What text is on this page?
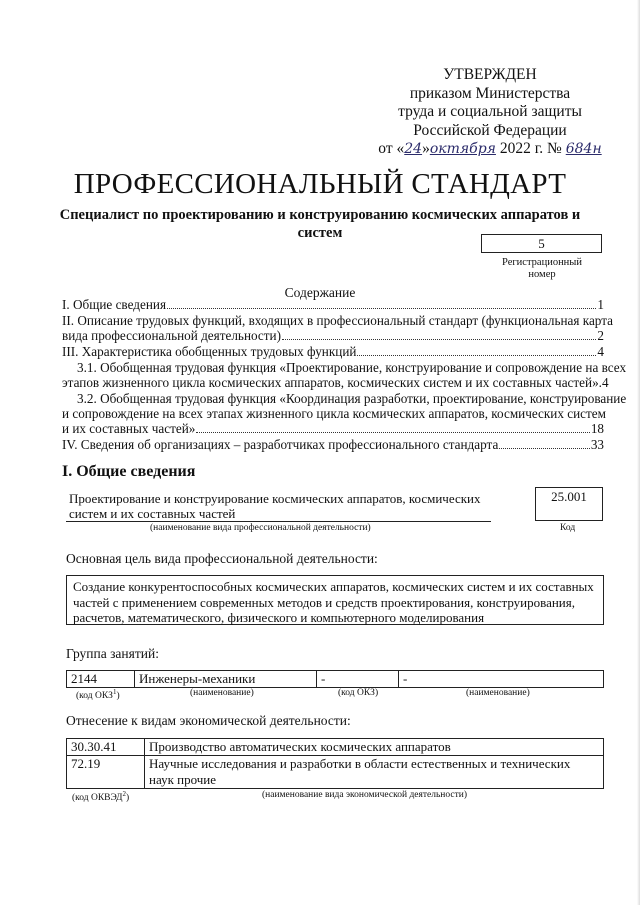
УТВЕРЖДЕН
приказом Министерства
труда и социальной защиты
Российской Федерации
от «24»октября 2022 г. № 684н
ПРОФЕССИОНАЛЬНЫЙ СТАНДАРТ
Специалист по проектированию и конструированию космических аппаратов и систем
5
Регистрационный номер
Содержание
I. Общие сведения	1
II. Описание трудовых функций, входящих в профессиональный стандарт (функциональная карта
вида профессиональной деятельности)	2
III. Характеристика обобщенных трудовых функций	4
3.1. Обобщенная трудовая функция «Проектирование, конструирование и сопровождение на всех
этапов жизненного цикла космических аппаратов, космических систем и их составных частей».4
3.2. Обобщенная трудовая функция «Координация разработки, проектирование, конструирование
и сопровождение на всех этапах жизненного цикла космических аппаратов, космических систем
и их составных частей»	18
IV. Сведения об организациях – разработчиках профессионального стандарта	33
I. Общие сведения
Проектирование и конструирование космических аппаратов, космических систем и их составных частей
(наименование вида профессиональной деятельности)
25.001
Код
Основная цель вида профессиональной деятельности:
Создание конкурентоспособных космических аппаратов, космических систем и их составных частей с применением современных методов и средств проектирования, конструирования, расчетов, математического, физического и компьютерного моделирования
Группа занятий:
2144	Инженеры-механики	-	-
(код ОКЗ$^1$)	(наименование)	(код ОКЗ)	(наименование)
Отнесение к видам экономической деятельности:
30.30.41	Производство автоматических космических аппаратов
72.19	Научные исследования и разработки в области естественных и технических наук прочие
(код ОКВЭД$^2$)	(наименование вида экономической деятельности)
